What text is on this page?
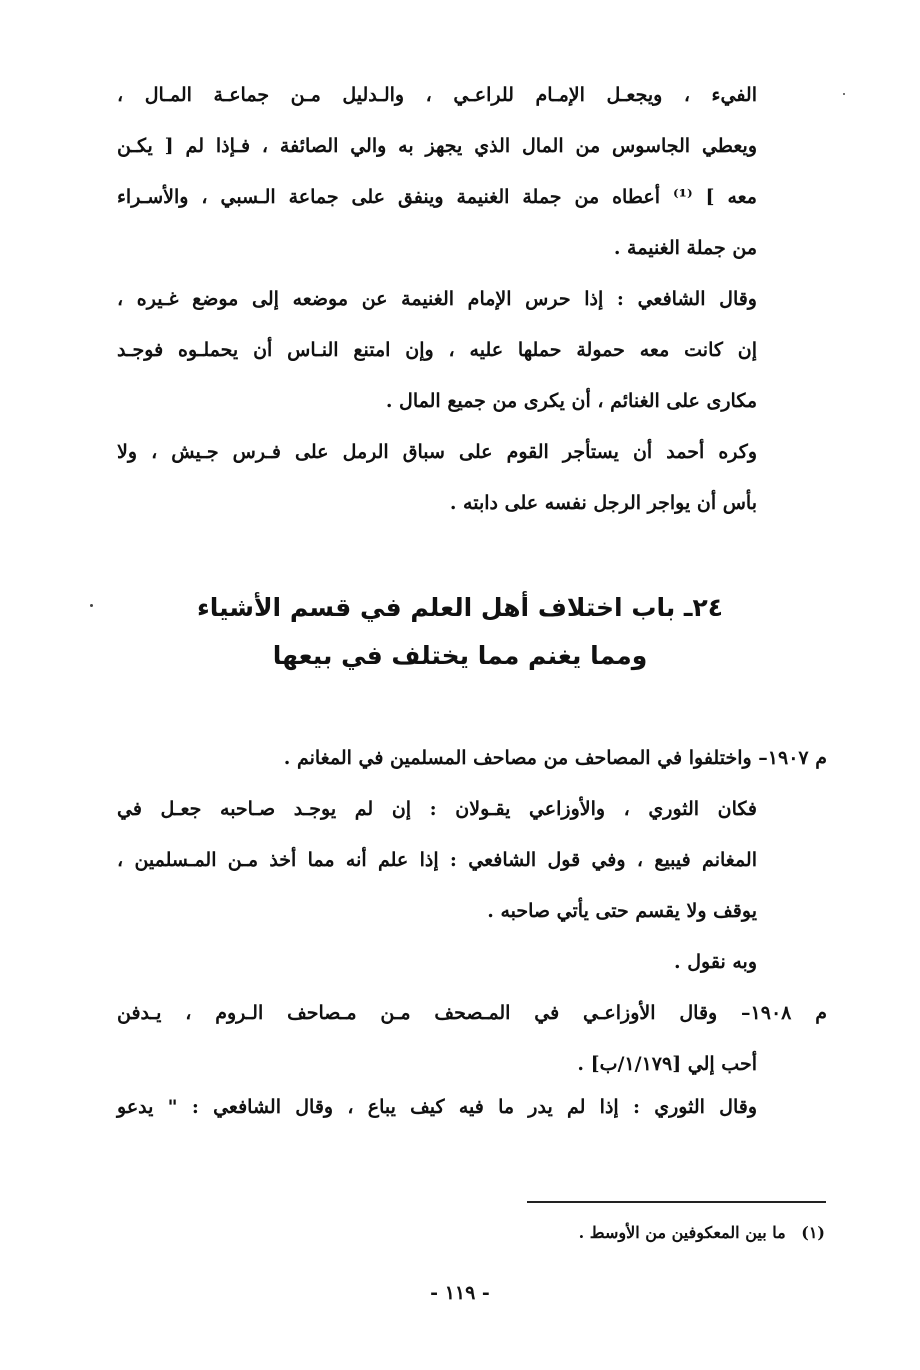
الفيء ، ويجعـل الإمـام للراعـي ، والـدليل مـن جماعـة المـال ،
ويعطي الجاسوس من المال الذي يجهز به والي الصائفة ، فـإذا لم [ يكـن
معه ] ⁽¹⁾ أعطاه من جملة الغنيمة وينفق على جماعة الـسبي ، والأسـراء
من جملة الغنيمة .
وقال الشافعي : إذا حرس الإمام الغنيمة عن موضعه إلى موضع غـيره ،
إن كانت معه حمولة حملها عليه ، وإن امتنع النـاس أن يحملـوه فوجـد
مكارى على الغنائم ، أن يكرى من جميع المال .
وكره أحمد أن يستأجر القوم على سباق الرمل على فـرس جـيش ، ولا
بأس أن يواجر الرجل نفسه على دابته .
٢٤ـ باب اختلاف أهل العلم في قسم الأشياء
ومما يغنم مما يختلف في بيعها
م ١٩٠٧– واختلفوا في المصاحف من مصاحف المسلمين في المغانم .
فكان الثوري ، والأوزاعي يقـولان : إن لم يوجـد صـاحبه جعـل في
المغانم فيبيع ، وفي قول الشافعي : إذا علم أنه مما أخذ مـن المـسلمين ،
يوقف ولا يقسم حتى يأتي صاحبه .
وبه نقول .
م ١٩٠٨– وقال الأوزاعـي في المـصحف مـن مـصاحف الـروم ، يـدفن
أحب إلي [١/١٧٩/ب] .
وقال الثوري : إذا لم يدر ما فيه كيف يباع ، وقال الشافعي : " يدعو
(١) ما بين المعكوفين من الأوسط .
- ١١٩ -
